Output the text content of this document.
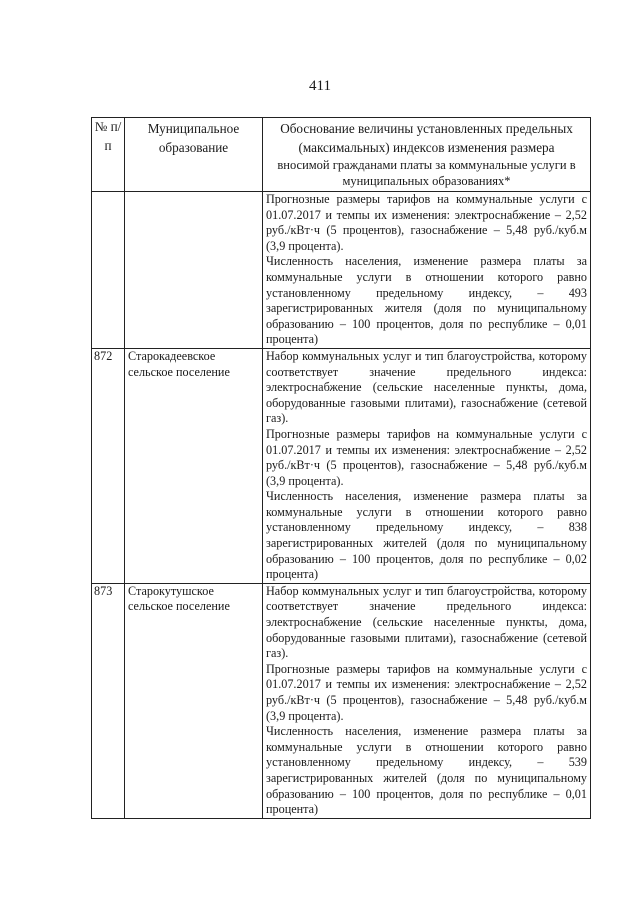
411
№ п/п	Муниципальное образование	Обоснование величины установленных предельных (максимальных) индексов изменения размера
вносимой гражданами платы за коммунальные услуги в муниципальных образованиях*

		Прогнозные размеры тарифов на коммунальные услуги с 01.07.2017 и темпы их изменения: электроснабжение – 2,52 руб./кВт·ч (5 процентов), газоснабжение – 5,48 руб./куб.м (3,9 процента).
Численность населения, изменение размера платы за коммунальные услуги в отношении которого равно установленному предельному индексу, – 493 зарегистрированных жителя (доля по муниципальному образованию – 100 процентов, доля по республике – 0,01 процента)

872	Старокадеевское сельское поселение	Набор коммунальных услуг и тип благоустройства, которому соответствует значение предельного индекса: электроснабжение (сельские населенные пункты, дома, оборудованные газовыми плитами), газоснабжение (сетевой газ).
Прогнозные размеры тарифов на коммунальные услуги с 01.07.2017 и темпы их изменения: электроснабжение – 2,52 руб./кВт·ч (5 процентов), газоснабжение – 5,48 руб./куб.м (3,9 процента).
Численность населения, изменение размера платы за коммунальные услуги в отношении которого равно установленному предельному индексу, – 838 зарегистрированных жителей (доля по муниципальному образованию – 100 процентов, доля по республике – 0,02 процента)

873	Старокутушское сельское поселение	Набор коммунальных услуг и тип благоустройства, которому соответствует значение предельного индекса: электроснабжение (сельские населенные пункты, дома, оборудованные газовыми плитами), газоснабжение (сетевой газ).
Прогнозные размеры тарифов на коммунальные услуги с 01.07.2017 и темпы их изменения: электроснабжение – 2,52 руб./кВт·ч (5 процентов), газоснабжение – 5,48 руб./куб.м (3,9 процента).
Численность населения, изменение размера платы за коммунальные услуги в отношении которого равно установленному предельному индексу, – 539 зарегистрированных жителей (доля по муниципальному образованию – 100 процентов, доля по республике – 0,01 процента)
